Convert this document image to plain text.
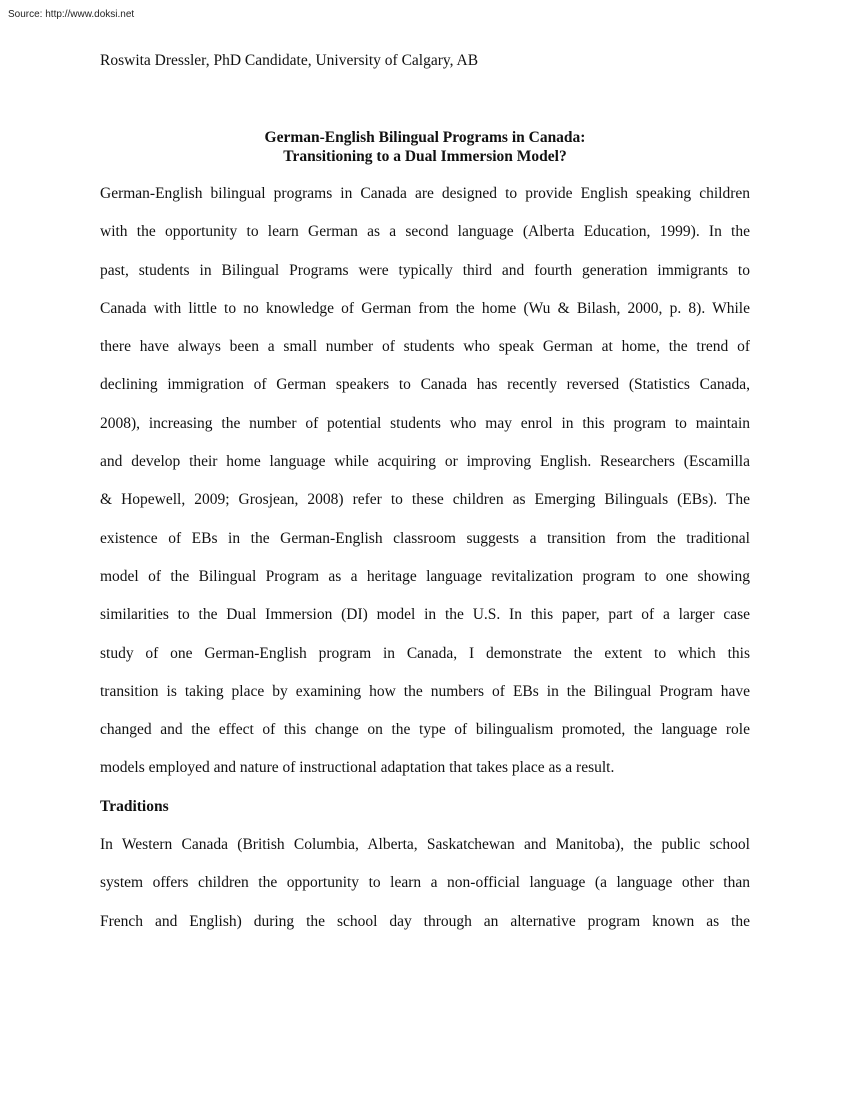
Source: http://www.doksi.net
Roswita Dressler, PhD Candidate, University of Calgary, AB
German-English Bilingual Programs in Canada:
Transitioning to a Dual Immersion Model?
German-English bilingual programs in Canada are designed to provide English speaking children
with the opportunity to learn German as a second language (Alberta Education, 1999). In the
past, students in Bilingual Programs were typically third and fourth generation immigrants to
Canada with little to no knowledge of German from the home (Wu & Bilash, 2000, p. 8). While
there have always been a small number of students who speak German at home, the trend of
declining immigration of German speakers to Canada has recently reversed (Statistics Canada,
2008), increasing the number of potential students who may enrol in this program to maintain
and develop their home language while acquiring or improving English. Researchers (Escamilla
& Hopewell, 2009; Grosjean, 2008) refer to these children as Emerging Bilinguals (EBs). The
existence of EBs in the German-English classroom suggests a transition from the traditional
model of the Bilingual Program as a heritage language revitalization program to one showing
similarities to the Dual Immersion (DI) model in the U.S. In this paper, part of a larger case
study of one German-English program in Canada, I demonstrate the extent to which this
transition is taking place by examining how the numbers of EBs in the Bilingual Program have
changed and the effect of this change on the type of bilingualism promoted, the language role
models employed and nature of instructional adaptation that takes place as a result.
Traditions
In Western Canada (British Columbia, Alberta, Saskatchewan and Manitoba), the public school
system offers children the opportunity to learn a non-official language (a language other than
French and English) during the school day through an alternative program known as the
